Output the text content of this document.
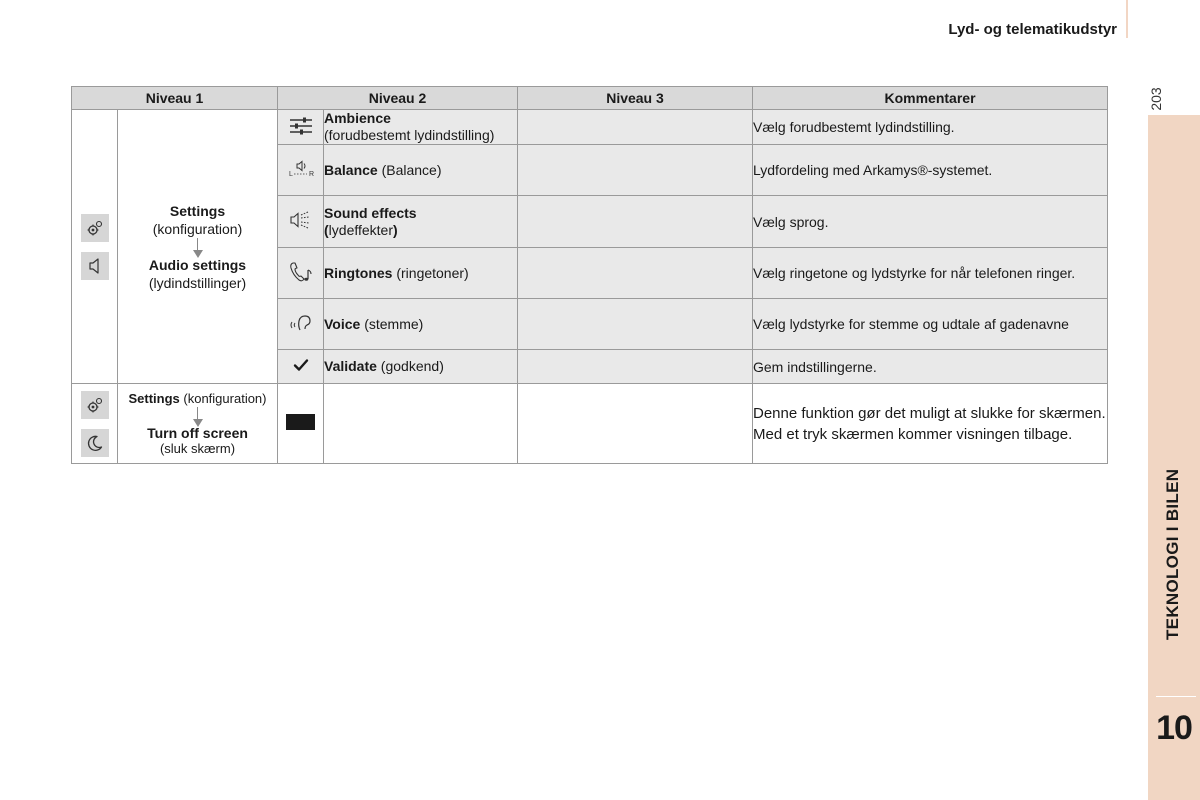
Lyd- og telematikudstyr
203
TEKNOLOGI I BILEN
10
Niveau 1		Niveau 2		Niveau 3	Kommentarer

Settings
(konfiguration)
Audio settings
(lydindstillinger)		Ambience
(forudbestemt lydindstilling)		Vælg forudbestemt lydindstilling.

L R	Balance (Balance)		Lydfordeling med Arkamys®-systemet.

	Sound effects
(lydeffekter)		Vælg sprog.

	Ringtones (ringetoner)		Vælg ringetone og lydstyrke for når telefonen ringer.

	Voice (stemme)		Vælg lydstyrke for stemme og udtale af gadenavne

	Validate (godkend)		Gem indstillingerne.

Settings (konfiguration)
Turn off screen
(sluk skærm)				Denne funktion gør det muligt at slukke for skærmen. Med et tryk skærmen kommer visningen tilbage.
